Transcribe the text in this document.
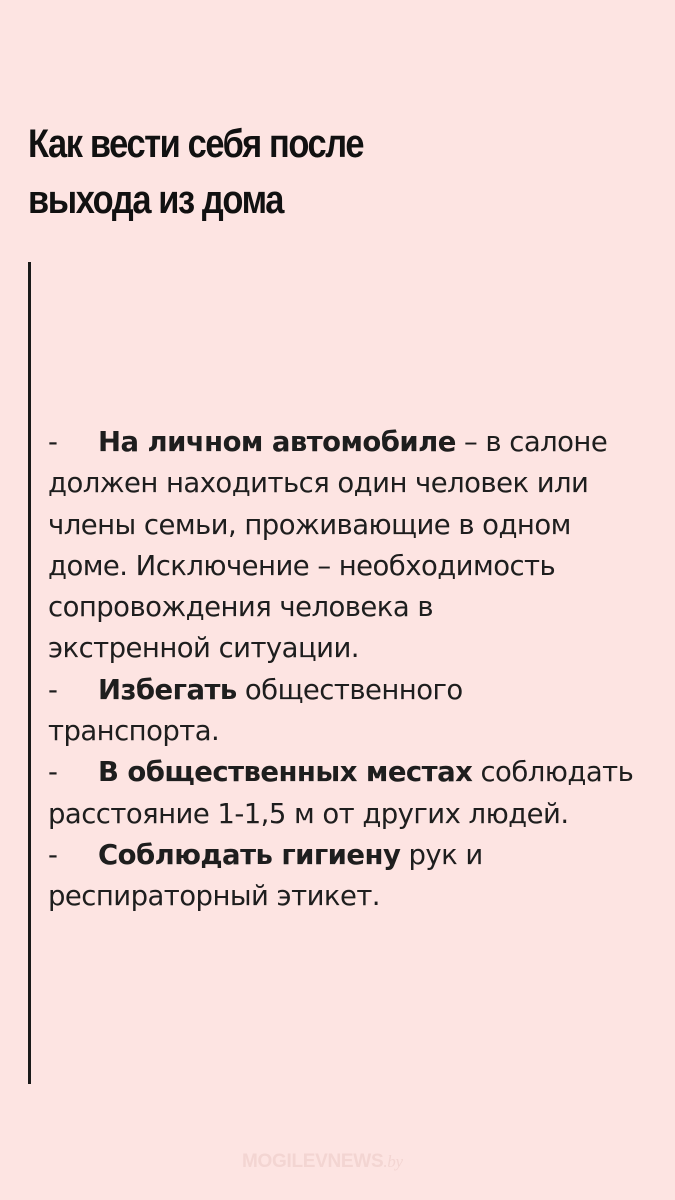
Как вести себя после
выхода из дома
- На личном автомобиле – в салоне
должен находиться один человек или
члены семьи, проживающие в одном
доме. Исключение – необходимость
сопровождения человека в
экстренной ситуации.
- Избегать общественного
транспорта.
- В общественных местах соблюдать
расстояние 1-1,5 м от других людей.
- Соблюдать гигиену рук и
респираторный этикет.
MOGILEVNEWS.by
